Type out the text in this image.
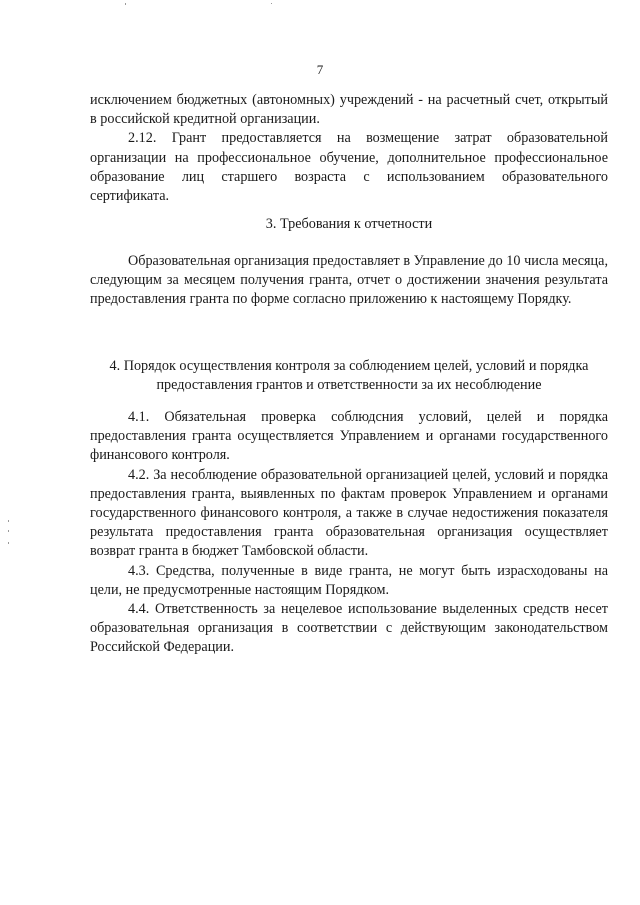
7

исключением бюджетных (автономных) учреждений - на расчетный счет, открытый в российской кредитной организации.

2.12. Грант предоставляется на возмещение затрат образовательной организации на профессиональное обучение, дополнительное профессиональное образование лиц старшего возраста с использованием образовательного сертификата.

3. Требования к отчетности

Образовательная организация предоставляет в Управление до 10 числа месяца, следующим за месяцем получения гранта, отчет о достижении значения результата предоставления гранта по форме согласно приложению к настоящему Порядку.

4. Порядок осуществления контроля за соблюдением целей, условий и порядка предоставления грантов и ответственности за их несоблюдение

4.1. Обязательная проверка соблюдсния условий, целей и порядка предоставления гранта осуществляется Управлением и органами государственного финансового контроля.

4.2. За несоблюдение образовательной организацией целей, условий и порядка предоставления гранта, выявленных по фактам проверок Управлением и органами государственного финансового контроля, а также в случае недостижения показателя результата предоставления гранта образовательная организация осуществляет возврат гранта в бюджет Тамбовской области.

4.3. Средства, полученные в виде гранта, не могут быть израсходованы на цели, не предусмотренные настоящим Порядком.

4.4. Ответственность за нецелевое использование выделенных средств несет образовательная организация в соответствии с действующим законодательством Российской Федерации.
